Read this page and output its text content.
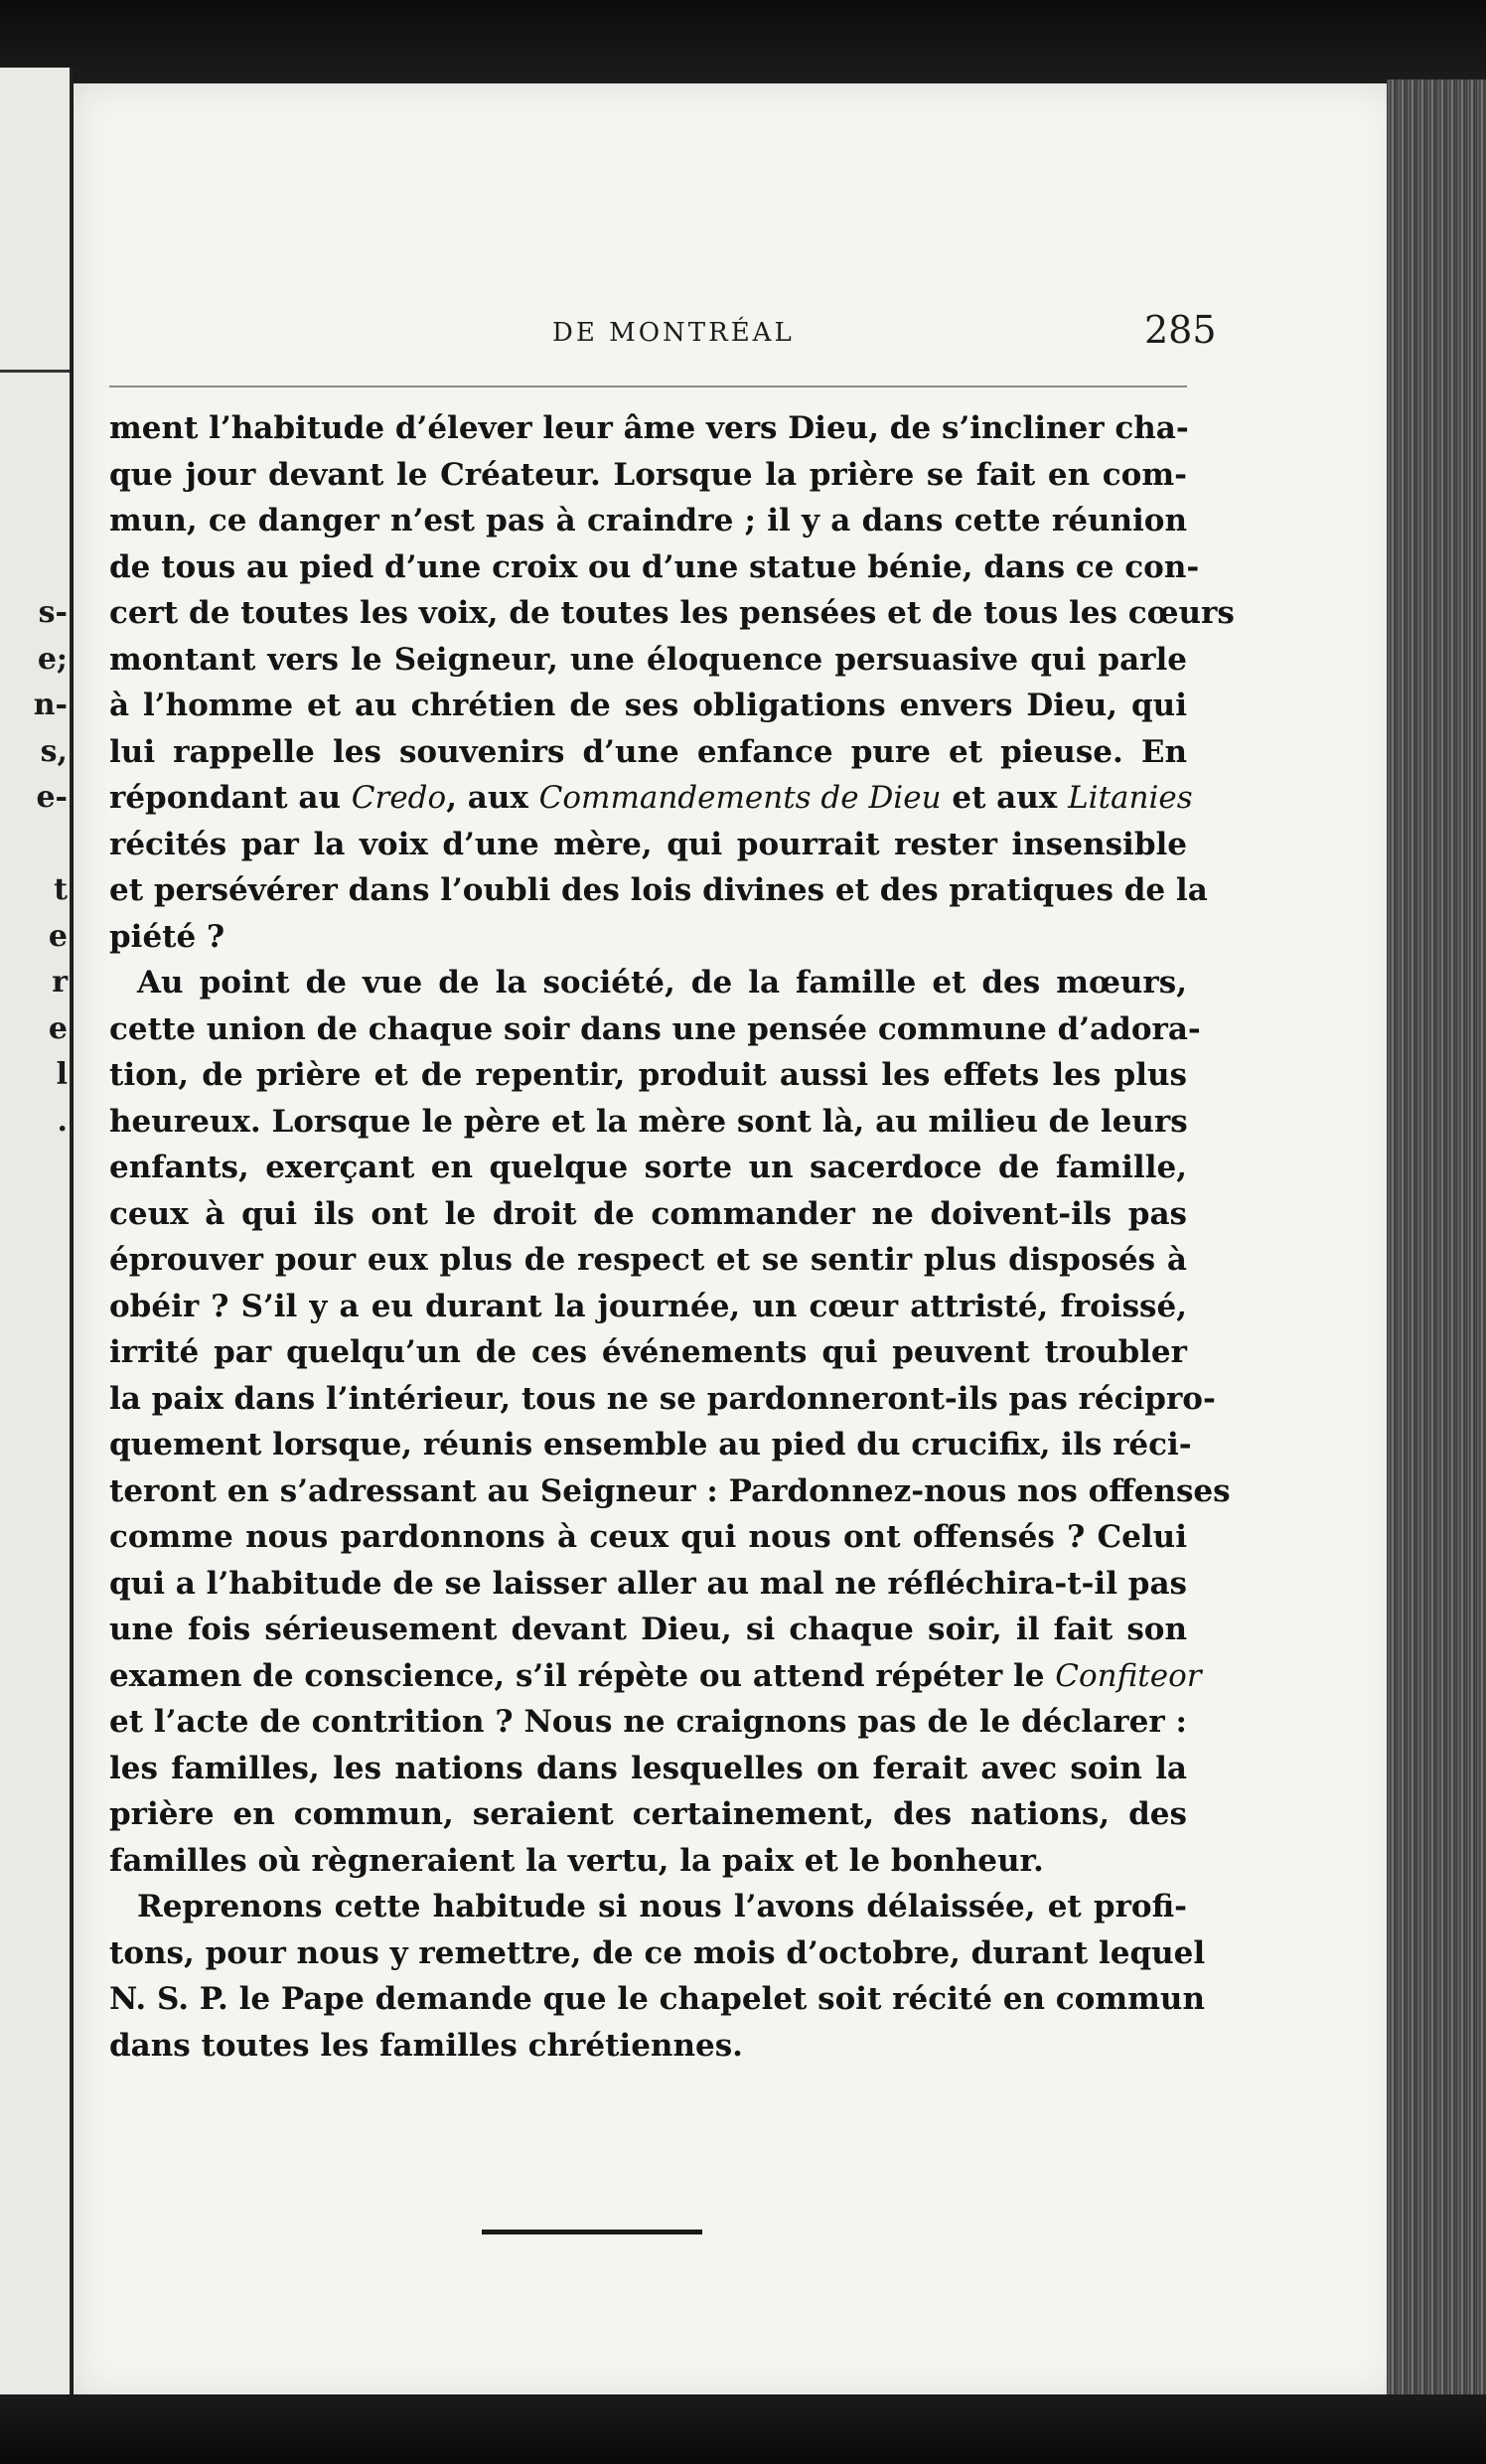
s-
e;
n-
s,
e-
t
e
r
e
l
.
DE MONTRÉAL	285
ment l’habitude d’élever leur âme vers Dieu, de s’incliner cha-
que jour devant le Créateur. Lorsque la prière se fait en com-
mun, ce danger n’est pas à craindre ; il y a dans cette réunion
de tous au pied d’une croix ou d’une statue bénie, dans ce con-
cert de toutes les voix, de toutes les pensées et de tous les cœurs
montant vers le Seigneur, une éloquence persuasive qui parle
à l’homme et au chrétien de ses obligations envers Dieu, qui
lui rappelle les souvenirs d’une enfance pure et pieuse. En
répondant au Credo, aux Commandements de Dieu et aux Litanies
récités par la voix d’une mère, qui pourrait rester insensible
et persévérer dans l’oubli des lois divines et des pratiques de la
piété ?
Au point de vue de la société, de la famille et des mœurs,
cette union de chaque soir dans une pensée commune d’adora-
tion, de prière et de repentir, produit aussi les effets les plus
heureux. Lorsque le père et la mère sont là, au milieu de leurs
enfants, exerçant en quelque sorte un sacerdoce de famille,
ceux à qui ils ont le droit de commander ne doivent-ils pas
éprouver pour eux plus de respect et se sentir plus disposés à
obéir ? S’il y a eu durant la journée, un cœur attristé, froissé,
irrité par quelqu’un de ces événements qui peuvent troubler
la paix dans l’intérieur, tous ne se pardonneront-ils pas récipro-
quement lorsque, réunis ensemble au pied du crucifix, ils réci-
teront en s’adressant au Seigneur : Pardonnez-nous nos offenses
comme nous pardonnons à ceux qui nous ont offensés ? Celui
qui a l’habitude de se laisser aller au mal ne réfléchira-t-il pas
une fois sérieusement devant Dieu, si chaque soir, il fait son
examen de conscience, s’il répète ou attend répéter le Confiteor
et l’acte de contrition ? Nous ne craignons pas de le déclarer :
les familles, les nations dans lesquelles on ferait avec soin la
prière en commun, seraient certainement, des nations, des
familles où règneraient la vertu, la paix et le bonheur.
Reprenons cette habitude si nous l’avons délaissée, et profi-
tons, pour nous y remettre, de ce mois d’octobre, durant lequel
N. S. P. le Pape demande que le chapelet soit récité en commun
dans toutes les familles chrétiennes.
